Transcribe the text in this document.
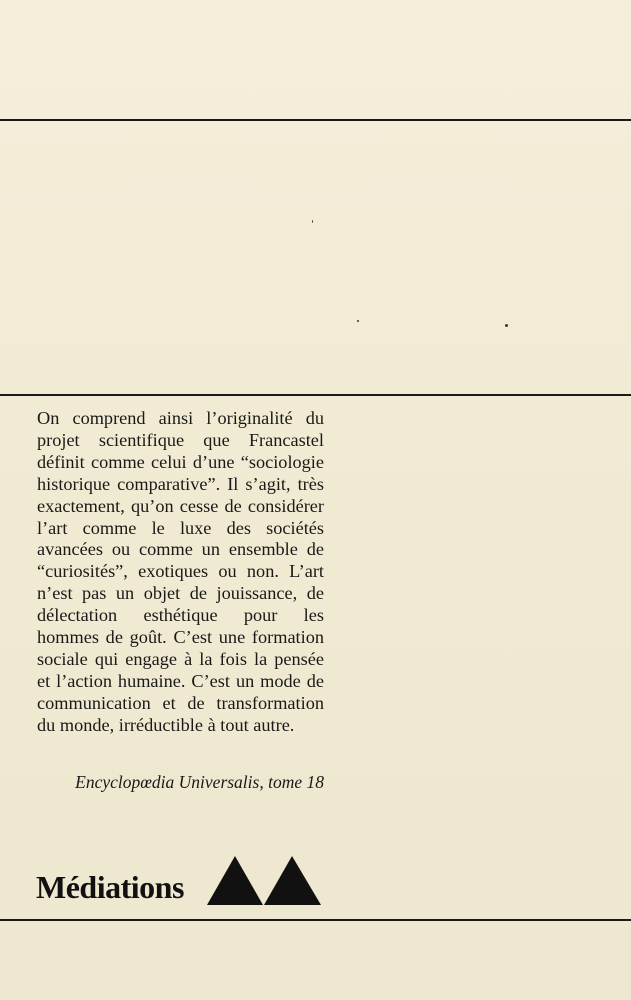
On comprend ainsi l’originalité du projet scientifique que Francastel définit comme celui d’une “sociologie historique comparative”. Il s’agit, très exactement, qu’on cesse de considérer l’art comme le luxe des sociétés avancées ou comme un ensemble de “curiosités”, exotiques ou non. L’art n’est pas un objet de jouissance, de délectation esthétique pour les hommes de goût. C’est une formation sociale qui engage à la fois la pensée et l’action humaine. C’est un mode de communication et de transformation du monde, irréductible à tout autre.

Encyclopœdia Universalis, tome 18

Médiations
